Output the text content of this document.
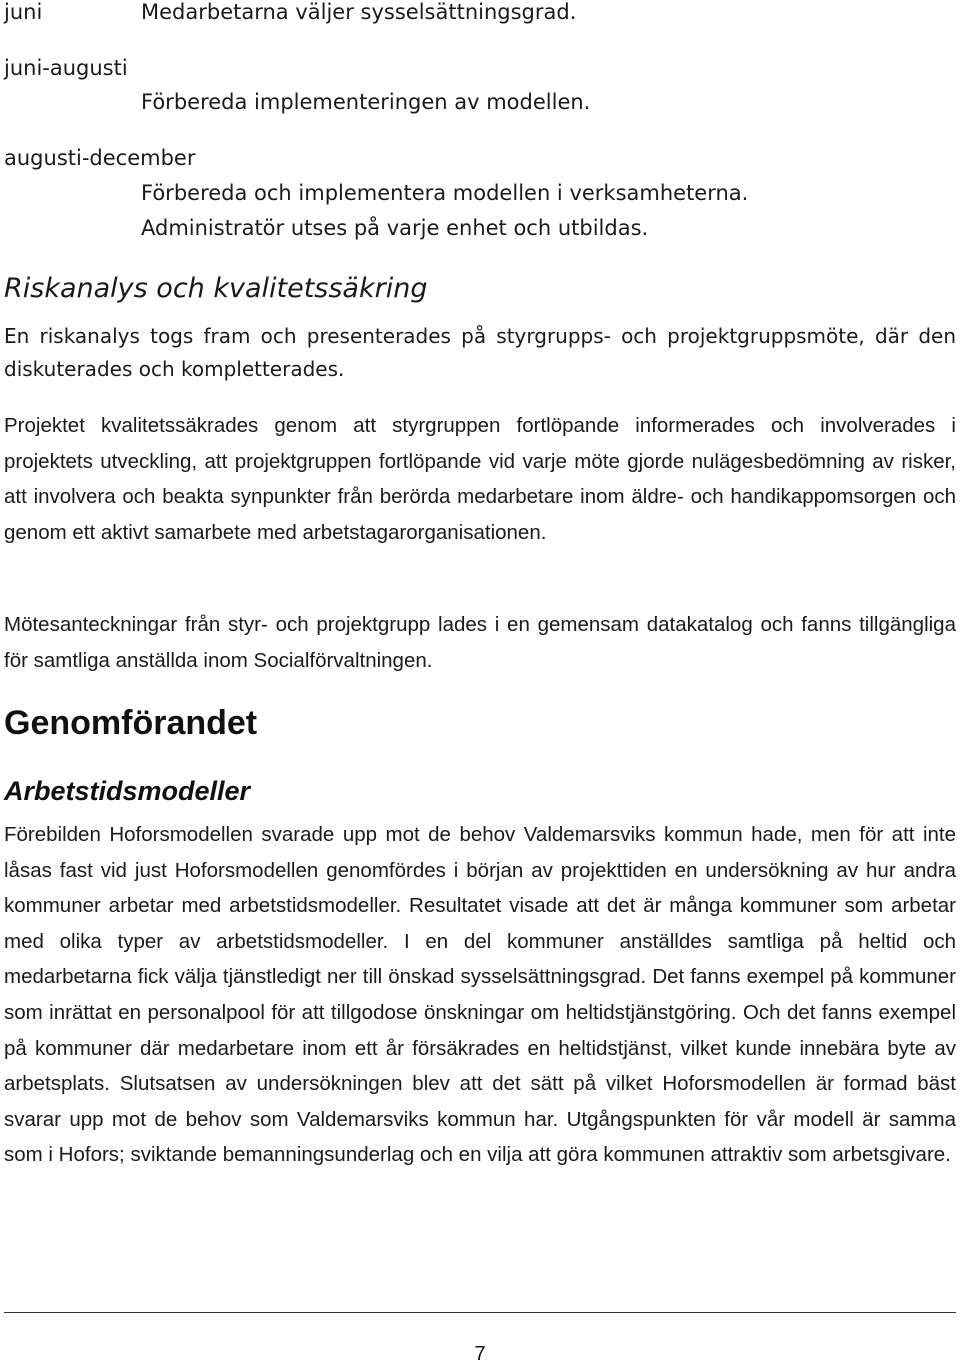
juni	Medarbetarna väljer sysselsättningsgrad.
juni-augusti
Förbereda implementeringen av modellen.
augusti-december
Förbereda och implementera modellen i verksamheterna.
Administratör utses på varje enhet och utbildas.
Riskanalys och kvalitetssäkring
En riskanalys togs fram och presenterades på styrgrupps- och projektgruppsmöte, där den diskuterades och kompletterades.
Projektet kvalitetssäkrades genom att styrgruppen fortlöpande informerades och involverades i projektets utveckling, att projektgruppen fortlöpande vid varje möte gjorde nulägesbedömning av risker, att involvera och beakta synpunkter från berörda medarbetare inom äldre- och handikappomsorgen och genom ett aktivt samarbete med arbetstagarorganisationen.
Mötesanteckningar från styr- och projektgrupp lades i en gemensam datakatalog och fanns tillgängliga för samtliga anställda inom Socialförvaltningen.
Genomförandet
Arbetstidsmodeller
Förebilden Hoforsmodellen svarade upp mot de behov Valdemarsviks kommun hade, men för att inte låsas fast vid just Hoforsmodellen genomfördes i början av projekttiden en undersökning av hur andra kommuner arbetar med arbetstidsmodeller. Resultatet visade att det är många kommuner som arbetar med olika typer av arbetstidsmodeller. I en del kommuner anställdes samtliga på heltid och medarbetarna fick välja tjänstledigt ner till önskad sysselsättningsgrad. Det fanns exempel på kommuner som inrättat en personalpool för att tillgodose önskningar om heltidstjänstgöring. Och det fanns exempel på kommuner där medarbetare inom ett år försäkrades en heltidstjänst, vilket kunde innebära byte av arbetsplats. Slutsatsen av undersökningen blev att det sätt på vilket Hoforsmodellen är formad bäst svarar upp mot de behov som Valdemarsviks kommun har. Utgångspunkten för vår modell är samma som i Hofors; sviktande bemanningsunderlag och en vilja att göra kommunen attraktiv som arbetsgivare.
7
